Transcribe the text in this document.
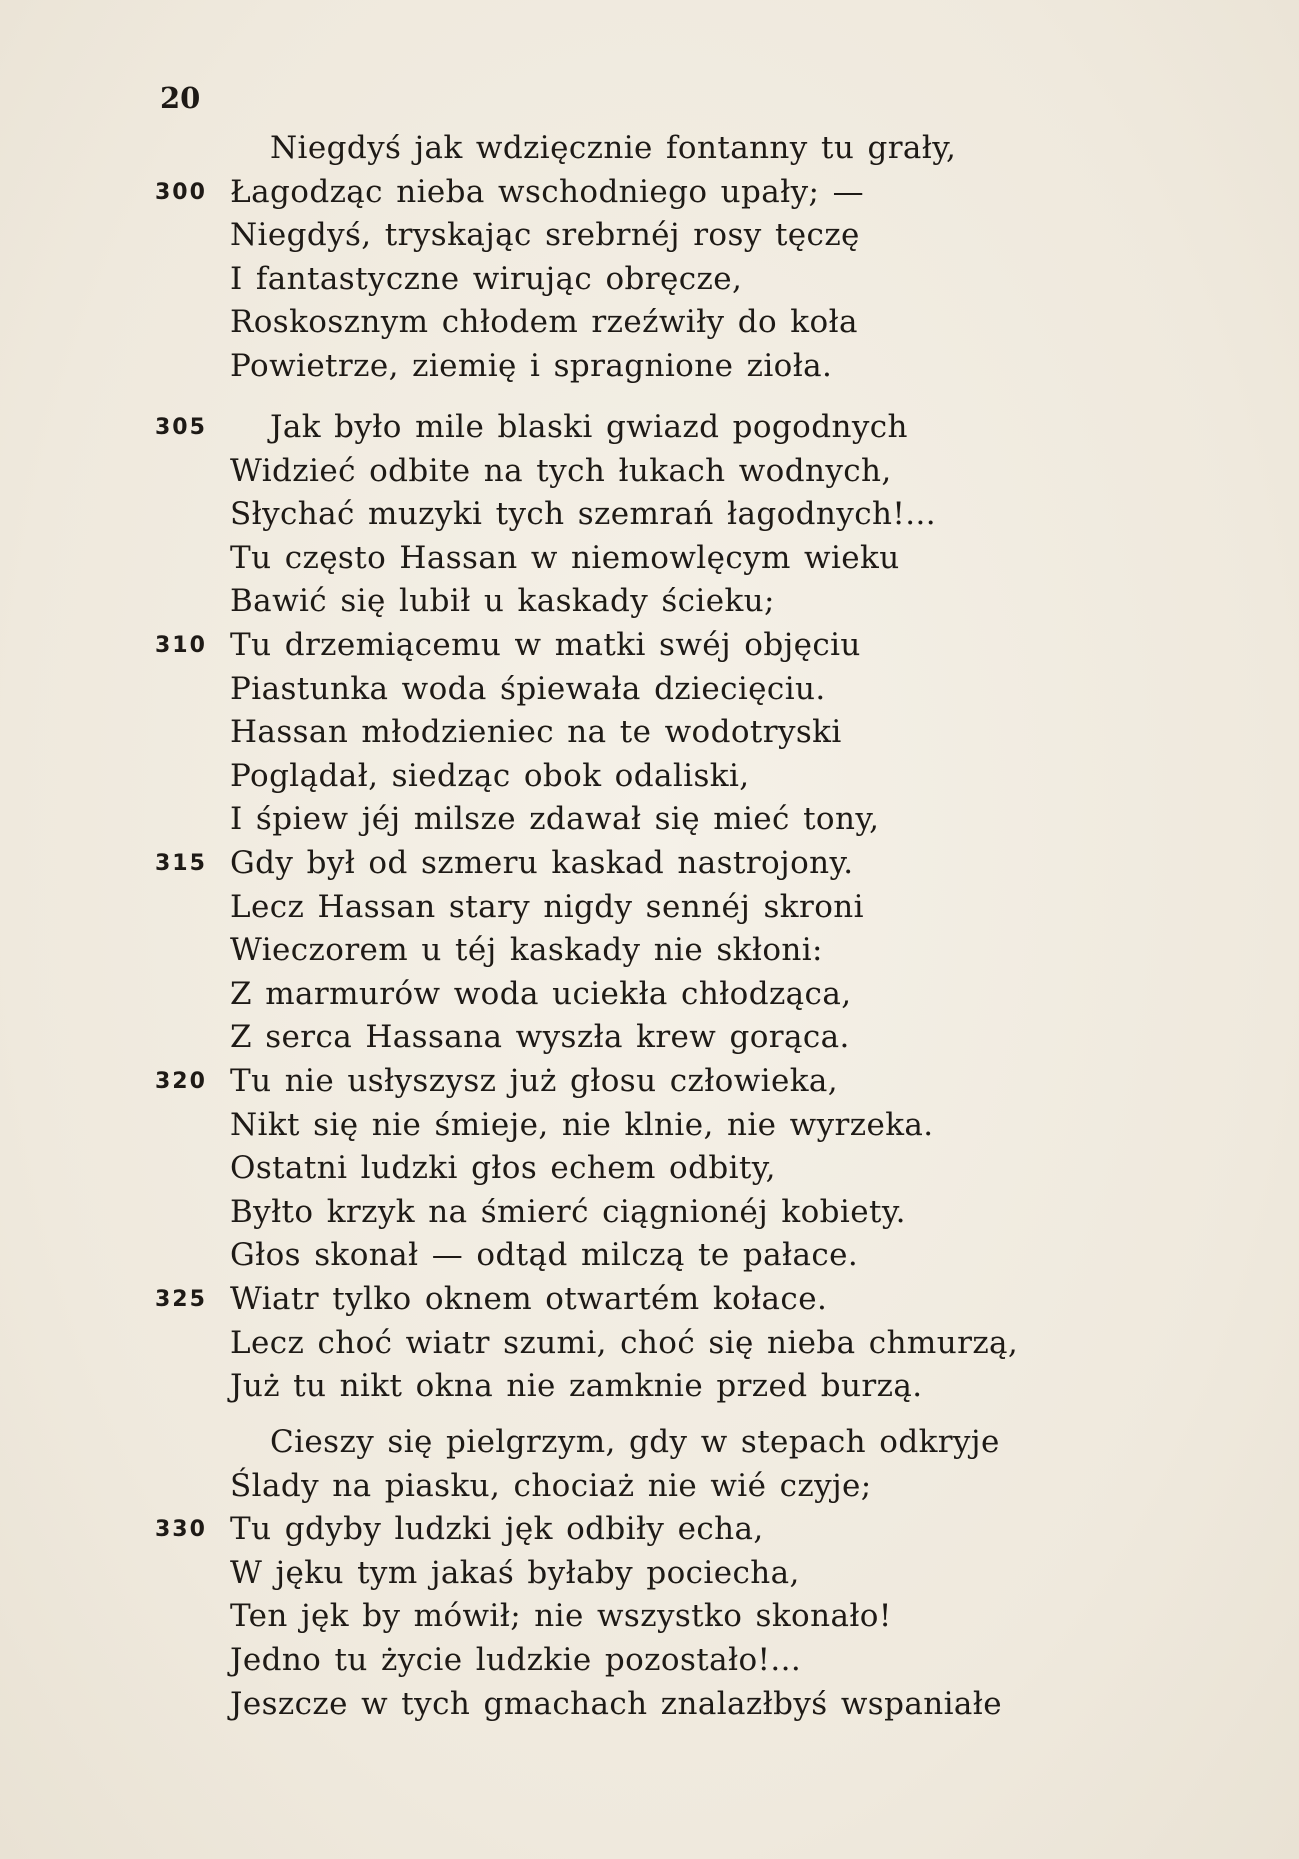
20
Niegdyś jak wdzięcznie fontanny tu grały,
300 Łagodząc nieba wschodniego upały; —
Niegdyś, tryskając srebrnéj rosy tęczę
I fantastyczne wirując obręcze,
Roskosznym chłodem rzeźwiły do koła
Powietrze, ziemię i spragnione zioła.
305 Jak było mile blaski gwiazd pogodnych
Widzieć odbite na tych łukach wodnych,
Słychać muzyki tych szemrań łagodnych!...
Tu często Hassan w niemowlęcym wieku
Bawić się lubił u kaskady ścieku;
310 Tu drzemiącemu w matki swéj objęciu
Piastunka woda śpiewała dziecięciu.
Hassan młodzieniec na te wodotryski
Poglądał, siedząc obok odaliski,
I śpiew jéj milsze zdawał się mieć tony,
315 Gdy był od szmeru kaskad nastrojony.
Lecz Hassan stary nigdy sennéj skroni
Wieczorem u téj kaskady nie skłoni:
Z marmurów woda uciekła chłodząca,
Z serca Hassana wyszła krew gorąca.
320 Tu nie usłyszysz już głosu człowieka,
Nikt się nie śmieje, nie klnie, nie wyrzeka.
Ostatni ludzki głos echem odbity,
Byłto krzyk na śmierć ciągnionéj kobiety.
Głos skonał — odtąd milczą te pałace.
325 Wiatr tylko oknem otwartém kołace.
Lecz choć wiatr szumi, choć się nieba chmurzą,
Już tu nikt okna nie zamknie przed burzą.
Cieszy się pielgrzym, gdy w stepach odkryje
Ślady na piasku, chociaż nie wié czyje;
330 Tu gdyby ludzki jęk odbiły echa,
W jęku tym jakaś byłaby pociecha,
Ten jęk by mówił; nie wszystko skonało!
Jedno tu życie ludzkie pozostało!...
Jeszcze w tych gmachach znalazłbyś wspaniałe
